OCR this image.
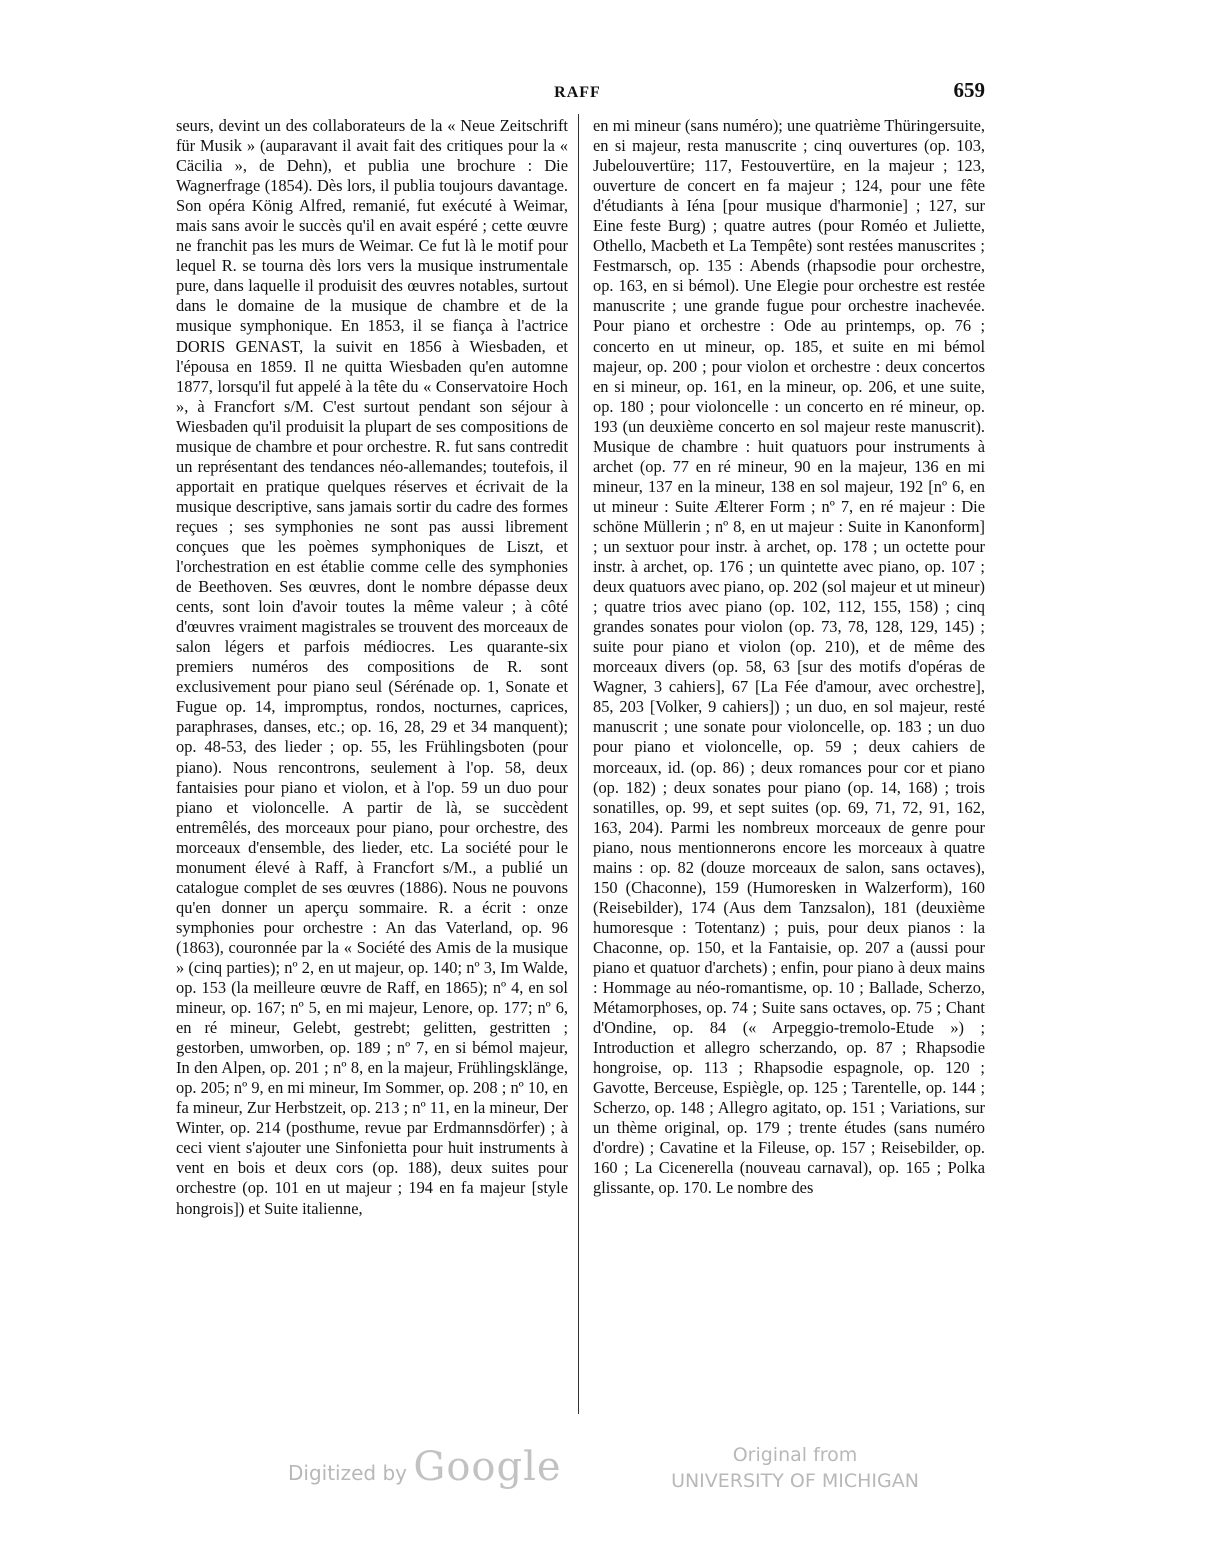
RAFF	659
seurs, devint un des collaborateurs de la « Neue Zeitschrift für Musik » (auparavant il avait fait des critiques pour la « Cäcilia », de Dehn), et publia une brochure : Die Wagnerfrage (1854). Dès lors, il publia toujours davantage. Son opéra König Alfred, remanié, fut exécuté à Weimar, mais sans avoir le succès qu'il en avait espéré ; cette œuvre ne franchit pas les murs de Weimar. Ce fut là le motif pour lequel R. se tourna dès lors vers la musique instrumentale pure, dans laquelle il produisit des œuvres notables, surtout dans le domaine de la musique de chambre et de la musique symphonique. En 1853, il se fiança à l'actrice DORIS GENAST, la suivit en 1856 à Wiesbaden, et l'épousa en 1859. Il ne quitta Wiesbaden qu'en automne 1877, lorsqu'il fut appelé à la tête du « Conservatoire Hoch », à Francfort s/M. C'est surtout pendant son séjour à Wiesbaden qu'il produisit la plupart de ses compositions de musique de chambre et pour orchestre. R. fut sans contredit un représentant des tendances néo-allemandes; toutefois, il apportait en pratique quelques réserves et écrivait de la musique descriptive, sans jamais sortir du cadre des formes reçues ; ses symphonies ne sont pas aussi librement conçues que les poèmes symphoniques de Liszt, et l'orchestration en est établie comme celle des symphonies de Beethoven. Ses œuvres, dont le nombre dépasse deux cents, sont loin d'avoir toutes la même valeur ; à côté d'œuvres vraiment magistrales se trouvent des morceaux de salon légers et parfois médiocres. Les quarante-six premiers numéros des compositions de R. sont exclusivement pour piano seul (Sérénade op. 1, Sonate et Fugue op. 14, impromptus, rondos, nocturnes, caprices, paraphrases, danses, etc.; op. 16, 28, 29 et 34 manquent); op. 48-53, des lieder ; op. 55, les Frühlingsboten (pour piano). Nous rencontrons, seulement à l'op. 58, deux fantaisies pour piano et violon, et à l'op. 59 un duo pour piano et violoncelle. A partir de là, se succèdent entremêlés, des morceaux pour piano, pour orchestre, des morceaux d'ensemble, des lieder, etc. La société pour le monument élevé à Raff, à Francfort s/M., a publié un catalogue complet de ses œuvres (1886). Nous ne pouvons qu'en donner un aperçu sommaire. R. a écrit : onze symphonies pour orchestre : An das Vaterland, op. 96 (1863), couronnée par la « Société des Amis de la musique » (cinq parties); nº 2, en ut majeur, op. 140; nº 3, Im Walde, op. 153 (la meilleure œuvre de Raff, en 1865); nº 4, en sol mineur, op. 167; nº 5, en mi majeur, Lenore, op. 177; nº 6, en ré mineur, Gelebt, gestrebt; gelitten, gestritten ; gestorben, umworben, op. 189 ; nº 7, en si bémol majeur, In den Alpen, op. 201 ; nº 8, en la majeur, Frühlingsklänge, op. 205; nº 9, en mi mineur, Im Sommer, op. 208 ; nº 10, en fa mineur, Zur Herbstzeit, op. 213 ; nº 11, en la mineur, Der Winter, op. 214 (posthume, revue par Erdmannsdörfer) ; à ceci vient s'ajouter une Sinfonietta pour huit instruments à vent en bois et deux cors (op. 188), deux suites pour orchestre (op. 101 en ut majeur ; 194 en fa majeur [style hongrois]) et Suite italienne,
en mi mineur (sans numéro); une quatrième Thüringersuite, en si majeur, resta manuscrite ; cinq ouvertures (op. 103, Jubelouvertüre; 117, Festouvertüre, en la majeur ; 123, ouverture de concert en fa majeur ; 124, pour une fête d'étudiants à Iéna [pour musique d'harmonie] ; 127, sur Eine feste Burg) ; quatre autres (pour Roméo et Juliette, Othello, Macbeth et La Tempête) sont restées manuscrites ; Festmarsch, op. 135 : Abends (rhapsodie pour orchestre, op. 163, en si bémol). Une Elegie pour orchestre est restée manuscrite ; une grande fugue pour orchestre inachevée. Pour piano et orchestre : Ode au printemps, op. 76 ; concerto en ut mineur, op. 185, et suite en mi bémol majeur, op. 200 ; pour violon et orchestre : deux concertos en si mineur, op. 161, en la mineur, op. 206, et une suite, op. 180 ; pour violoncelle : un concerto en ré mineur, op. 193 (un deuxième concerto en sol majeur reste manuscrit). Musique de chambre : huit quatuors pour instruments à archet (op. 77 en ré mineur, 90 en la majeur, 136 en mi mineur, 137 en la mineur, 138 en sol majeur, 192 [nº 6, en ut mineur : Suite Ælterer Form ; nº 7, en ré majeur : Die schöne Müllerin ; nº 8, en ut majeur : Suite in Kanonform] ; un sextuor pour instr. à archet, op. 178 ; un octette pour instr. à archet, op. 176 ; un quintette avec piano, op. 107 ; deux quatuors avec piano, op. 202 (sol majeur et ut mineur) ; quatre trios avec piano (op. 102, 112, 155, 158) ; cinq grandes sonates pour violon (op. 73, 78, 128, 129, 145) ; suite pour piano et violon (op. 210), et de même des morceaux divers (op. 58, 63 [sur des motifs d'opéras de Wagner, 3 cahiers], 67 [La Fée d'amour, avec orchestre], 85, 203 [Volker, 9 cahiers]) ; un duo, en sol majeur, resté manuscrit ; une sonate pour violoncelle, op. 183 ; un duo pour piano et violoncelle, op. 59 ; deux cahiers de morceaux, id. (op. 86) ; deux romances pour cor et piano (op. 182) ; deux sonates pour piano (op. 14, 168) ; trois sonatilles, op. 99, et sept suites (op. 69, 71, 72, 91, 162, 163, 204). Parmi les nombreux morceaux de genre pour piano, nous mentionnerons encore les morceaux à quatre mains : op. 82 (douze morceaux de salon, sans octaves), 150 (Chaconne), 159 (Humoresken in Walzerform), 160 (Reisebilder), 174 (Aus dem Tanzsalon), 181 (deuxième humoresque : Totentanz) ; puis, pour deux pianos : la Chaconne, op. 150, et la Fantaisie, op. 207 a (aussi pour piano et quatuor d'archets) ; enfin, pour piano à deux mains : Hommage au néo-romantisme, op. 10 ; Ballade, Scherzo, Métamorphoses, op. 74 ; Suite sans octaves, op. 75 ; Chant d'Ondine, op. 84 (« Arpeggio-tremolo-Etude ») ; Introduction et allegro scherzando, op. 87 ; Rhapsodie hongroise, op. 113 ; Rhapsodie espagnole, op. 120 ; Gavotte, Berceuse, Espiègle, op. 125 ; Tarentelle, op. 144 ; Scherzo, op. 148 ; Allegro agitato, op. 151 ; Variations, sur un thème original, op. 179 ; trente études (sans numéro d'ordre) ; Cavatine et la Fileuse, op. 157 ; Reisebilder, op. 160 ; La Cicenerella (nouveau carnaval), op. 165 ; Polka glissante, op. 170. Le nombre des
Digitized by Google	Original from
UNIVERSITY OF MICHIGAN
